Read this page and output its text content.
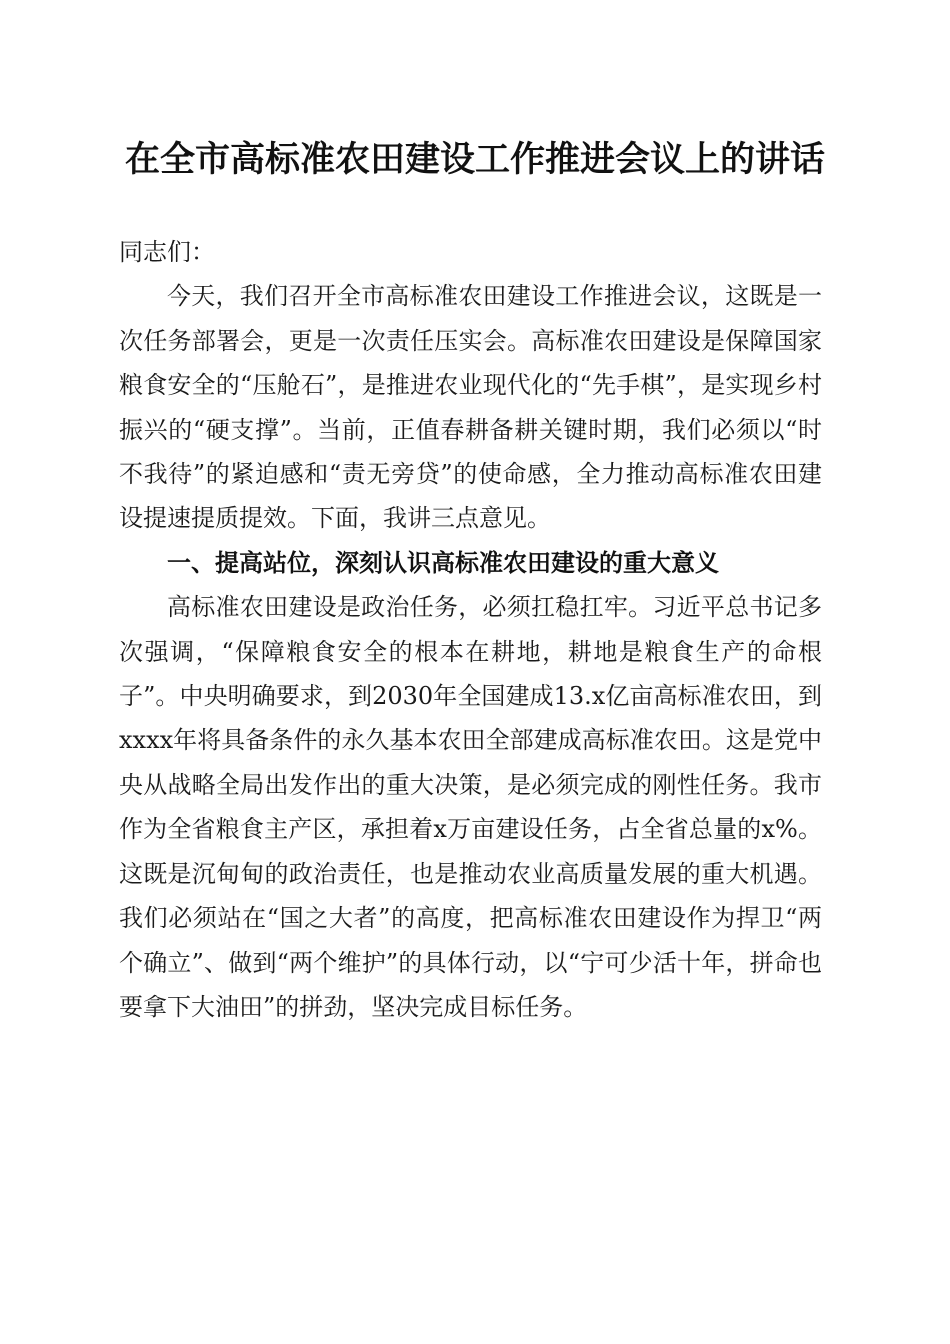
在全市高标准农田建设工作推进会议上的讲话

同志们：

今天，我们召开全市高标准农田建设工作推进会议，这既是一次任务部署会，更是一次责任压实会。高标准农田建设是保障国家粮食安全的“压舱石”，是推进农业现代化的“先手棋”，是实现乡村振兴的“硬支撑”。当前，正值春耕备耕关键时期，我们必须以“时不我待”的紧迫感和“责无旁贷”的使命感，全力推动高标准农田建设提速提质提效。下面，我讲三点意见。

一、提高站位，深刻认识高标准农田建设的重大意义

高标准农田建设是政治任务，必须扛稳扛牢。习近平总书记多次强调，“保障粮食安全的根本在耕地，耕地是粮食生产的命根子”。中央明确要求，到2030年全国建成13.x亿亩高标准农田，到xxxx年将具备条件的永久基本农田全部建成高标准农田。这是党中央从战略全局出发作出的重大决策，是必须完成的刚性任务。我市作为全省粮食主产区，承担着x万亩建设任务，占全省总量的x%。这既是沉甸甸的政治责任，也是推动农业高质量发展的重大机遇。我们必须站在“国之大者”的高度，把高标准农田建设作为捍卫“两个确立”、做到“两个维护”的具体行动，以“宁可少活十年，拼命也要拿下大油田”的拼劲，坚决完成目标任务。
